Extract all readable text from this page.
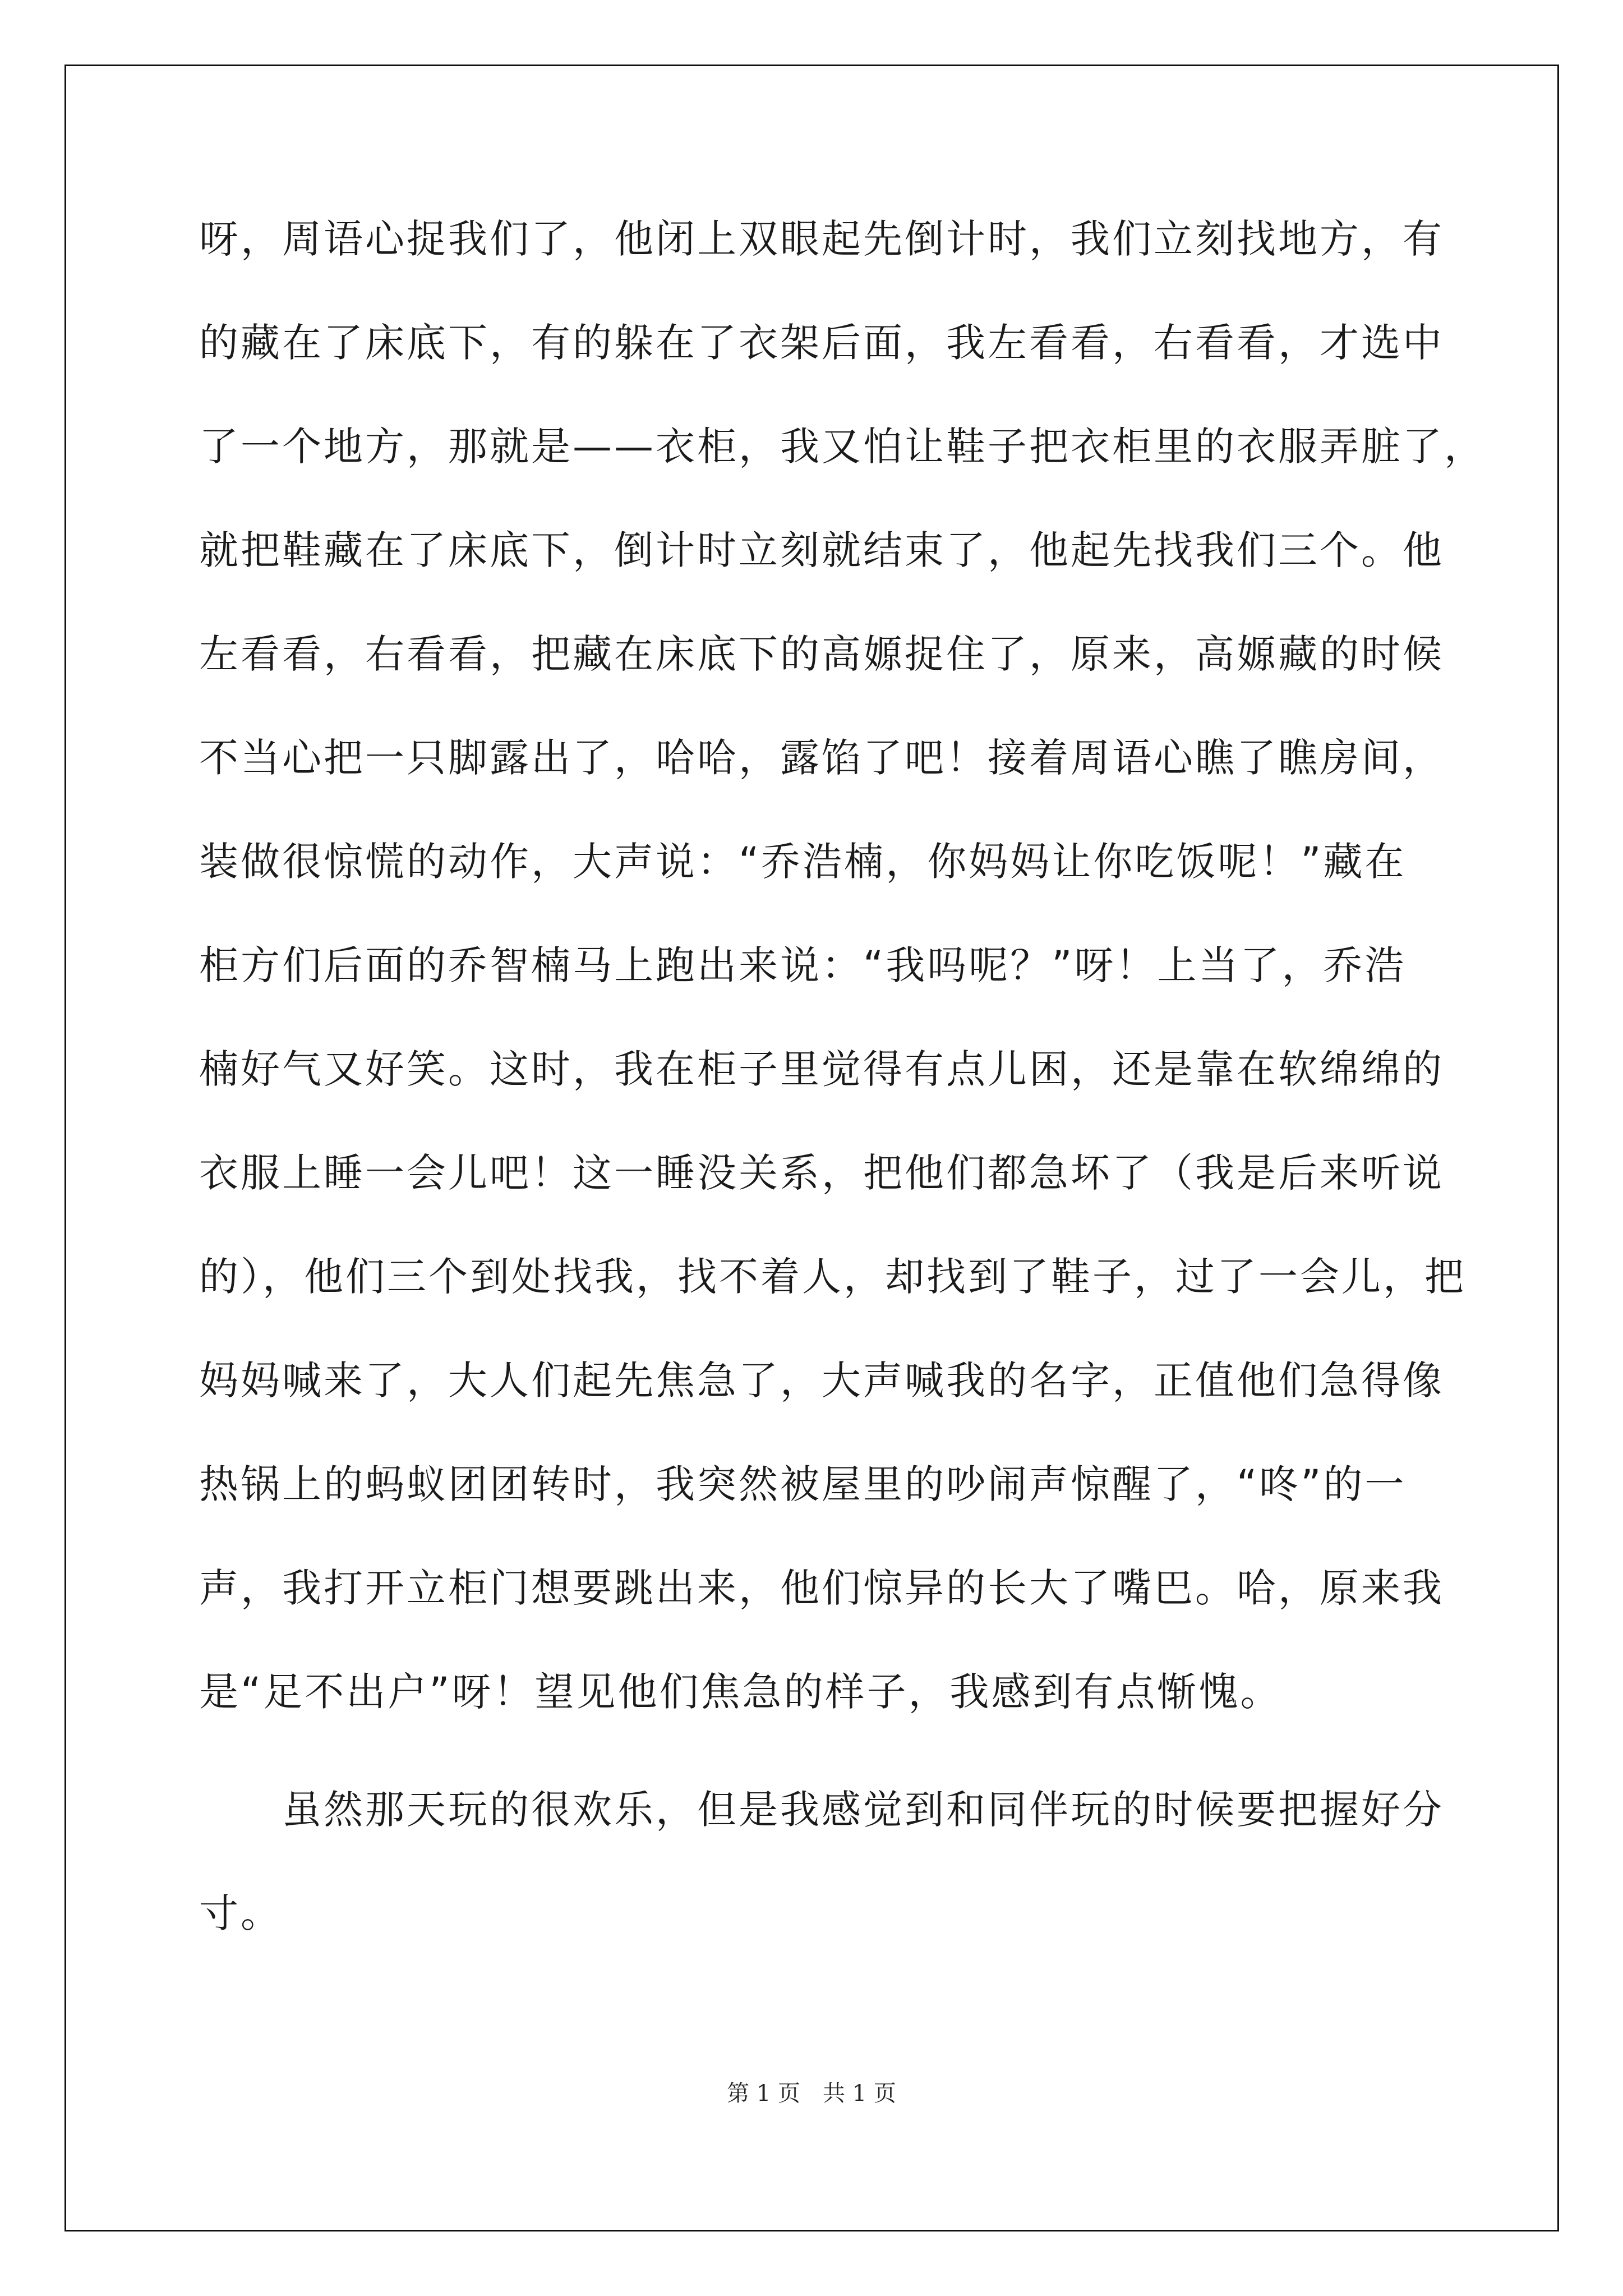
呀，周语心捉我们了，他闭上双眼起先倒计时，我们立刻找地方，有
的藏在了床底下，有的躲在了衣架后面，我左看看，右看看，才选中
了一个地方，那就是——衣柜，我又怕让鞋子把衣柜里的衣服弄脏了，
就把鞋藏在了床底下，倒计时立刻就结束了，他起先找我们三个。他
左看看，右看看，把藏在床底下的高嫄捉住了，原来，高嫄藏的时候
不当心把一只脚露出了，哈哈，露馅了吧！接着周语心瞧了瞧房间，
装做很惊慌的动作，大声说：“乔浩楠，你妈妈让你吃饭呢！”藏在
柜方们后面的乔智楠马上跑出来说：“我吗呢？”呀！上当了，乔浩
楠好气又好笑。这时，我在柜子里觉得有点儿困，还是靠在软绵绵的
衣服上睡一会儿吧！这一睡没关系，把他们都急坏了（我是后来听说
的），他们三个到处找我，找不着人，却找到了鞋子，过了一会儿，把
妈妈喊来了，大人们起先焦急了，大声喊我的名字，正值他们急得像
热锅上的蚂蚁团团转时，我突然被屋里的吵闹声惊醒了，“咚”的一
声，我打开立柜门想要跳出来，他们惊异的长大了嘴巴。哈，原来我
是“足不出户”呀！望见他们焦急的样子，我感到有点惭愧。
　　虽然那天玩的很欢乐，但是我感觉到和同伴玩的时候要把握好分
寸。
第 1 页　共 1 页
